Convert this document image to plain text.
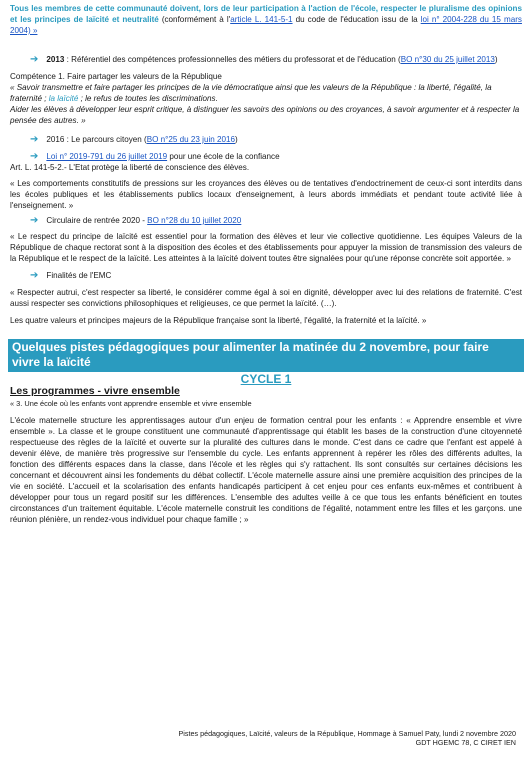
Tous les membres de cette communauté doivent, lors de leur participation à l'action de l'école, respecter le pluralisme des opinions et les principes de laïcité et neutralité (conformément à l'article L. 141-5-1 du code de l'éducation issu de la loi n° 2004-228 du 15 mars 2004) »

➔ 2013 : Référentiel des compétences professionnelles des métiers du professorat et de l'éducation (BO n°30 du 25 juillet 2013)

Compétence 1. Faire partager les valeurs de la République

« Savoir transmettre et faire partager les principes de la vie démocratique ainsi que les valeurs de la République : la liberté, l'égalité, la fraternité ; la laïcité ; le refus de toutes les discriminations.

Aider les élèves à développer leur esprit critique, à distinguer les savoirs des opinions ou des croyances, à savoir argumenter et à respecter la pensée des autres. »

➔ 2016 : Le parcours citoyen (BO n°25 du 23 juin 2016)
➔ Loi n° 2019-791 du 26 juillet 2019 pour une école de la confiance

Art. L. 141-5-2.- L'Etat protège la liberté de conscience des élèves.

« Les comportements constitutifs de pressions sur les croyances des élèves ou de tentatives d'endoctrinement de ceux-ci sont interdits dans les écoles publiques et les établissements publics locaux d'enseignement, à leurs abords immédiats et pendant toute activité liée à l'enseignement. »

➔ Circulaire de rentrée 2020 - BO n°28 du 10 juillet 2020

« Le respect du principe de laïcité est essentiel pour la formation des élèves et leur vie collective quotidienne. Les équipes Valeurs de la République de chaque rectorat sont à la disposition des écoles et des établissements pour appuyer la mission de transmission des valeurs de la République et le respect de la laïcité. Les atteintes à la laïcité doivent toutes être signalées pour qu'une réponse concrète soit apportée. »

➔ Finalités de l'EMC

« Respecter autrui, c'est respecter sa liberté, le considérer comme égal à soi en dignité, développer avec lui des relations de fraternité. C'est aussi respecter ses convictions philosophiques et religieuses, ce que permet la laïcité. (…).

Les quatre valeurs et principes majeurs de la République française sont la liberté, l'égalité, la fraternité et la laïcité. »

Quelques pistes pédagogiques pour alimenter la matinée du 2 novembre, pour faire vivre la laïcité
CYCLE 1
Les programmes - vivre ensemble

« 3. Une école où les enfants vont apprendre ensemble et vivre ensemble

L'école maternelle structure les apprentissages autour d'un enjeu de formation central pour les enfants : « Apprendre ensemble et vivre ensemble ». La classe et le groupe constituent une communauté d'apprentissage qui établit les bases de la construction d'une citoyenneté respectueuse des règles de la laïcité et ouverte sur la pluralité des cultures dans le monde. C'est dans ce cadre que l'enfant est appelé à devenir élève, de manière très progressive sur l'ensemble du cycle. Les enfants apprennent à repérer les rôles des différents adultes, la fonction des différents espaces dans la classe, dans l'école et les règles qui s'y rattachent. Ils sont consultés sur certaines décisions les concernant et découvrent ainsi les fondements du débat collectif. L'école maternelle assure ainsi une première acquisition des principes de la vie en société. L'accueil et la scolarisation des enfants handicapés participent à cet enjeu pour ces enfants eux-mêmes et contribuent à développer pour tous un regard positif sur les différences. L'ensemble des adultes veille à ce que tous les enfants bénéficient en toutes circonstances d'un traitement équitable. L'école maternelle construit les conditions de l'égalité, notamment entre les filles et les garçons. une réunion plénière, un rendez-vous individuel pour chaque famille ; »

Pistes pédagogiques, Laïcité, valeurs de la République, Hommage à Samuel Paty, lundi 2 novembre 2020
GDT HGEMC 78, C CIRET IEN
